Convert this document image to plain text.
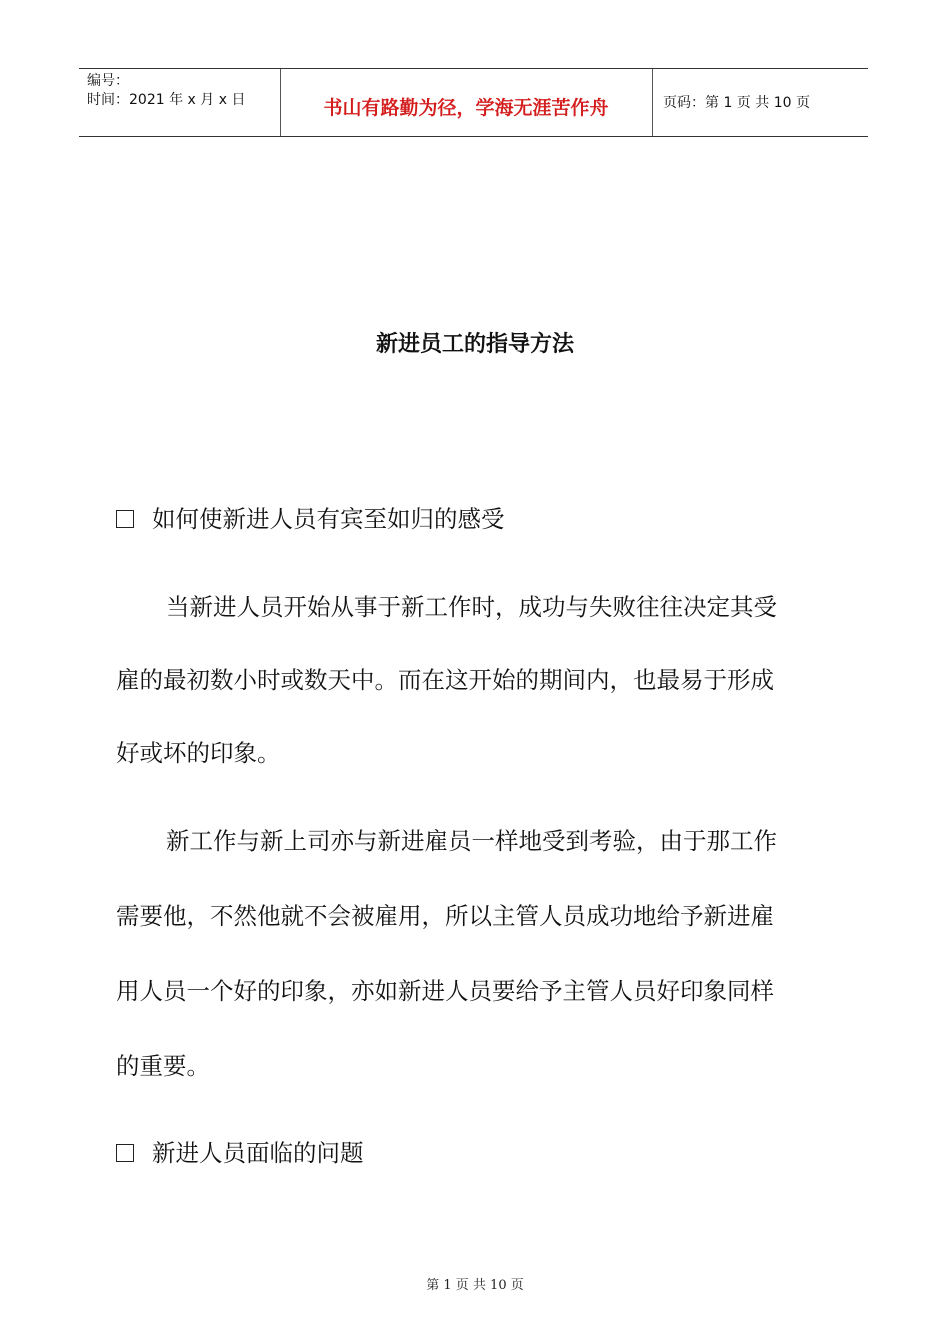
编号：
时间：2021 年 x 月 x 日	书山有路勤为径，学海无涯苦作舟	页码：第 1 页 共 10 页
新进员工的指导方法
如何使新进人员有宾至如归的感受
当新进人员开始从事于新工作时，成功与失败往往决定其受
雇的最初数小时或数天中。而在这开始的期间内，也最易于形成
好或坏的印象。
新工作与新上司亦与新进雇员一样地受到考验，由于那工作
需要他，不然他就不会被雇用，所以主管人员成功地给予新进雇
用人员一个好的印象，亦如新进人员要给予主管人员好印象同样
的重要。
新进人员面临的问题
第 1 页 共 10 页
